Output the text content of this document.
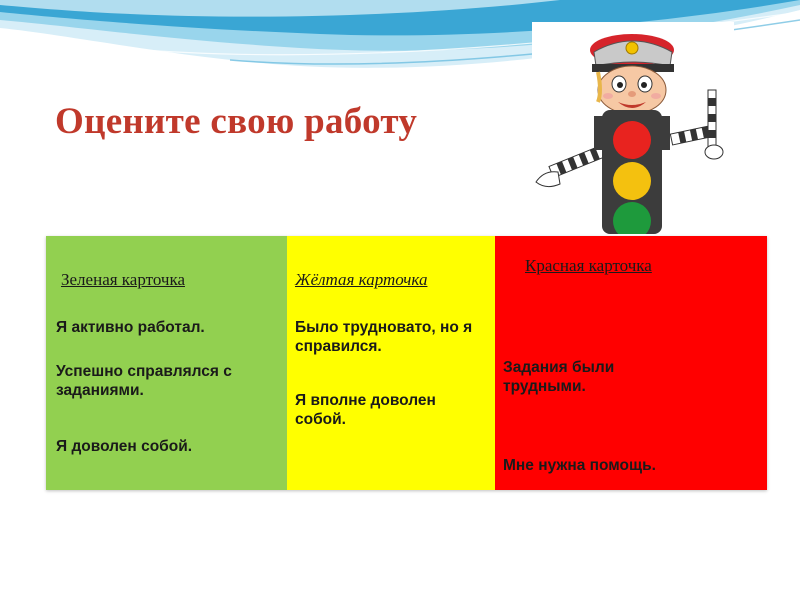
Оцените свою работу

Зеленая карточка

Я активно работал.

Успешно справлялся с заданиями.

Я доволен собой.

Жёлтая карточка

Было трудновато, но я справился.

Я вполне доволен собой.

Красная карточка

Задания были трудными.

Мне нужна помощь.
